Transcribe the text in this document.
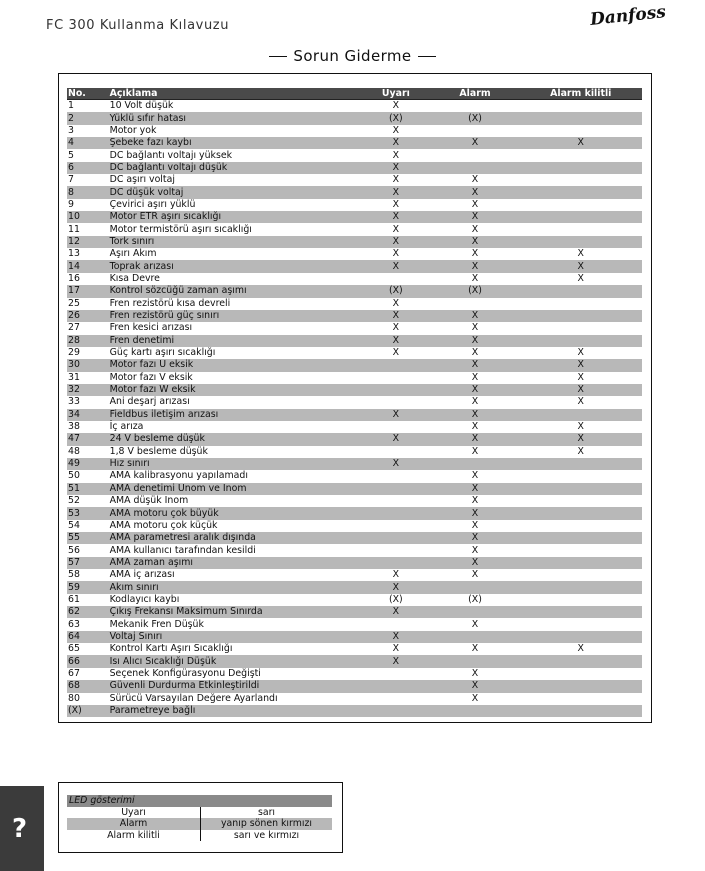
FC 300 Kullanma Kılavuzu	Danfoss
Sorun Giderme
No.	Açıklama	Uyarı	Alarm	Alarm kilitli
1	10 Volt düşük	X		
2	Yüklü sıfır hatası	(X)	(X)	
3	Motor yok	X		
4	Şebeke fazı kaybı	X	X	X
5	DC bağlantı voltajı yüksek	X		
6	DC bağlantı voltajı düşük	X		
7	DC aşırı voltaj	X	X	
8	DC düşük voltaj	X	X	
9	Çevirici aşırı yüklü	X	X	
10	Motor ETR aşırı sıcaklığı	X	X	
11	Motor termistörü aşırı sıcaklığı	X	X	
12	Tork sınırı	X	X	
13	Aşırı Akım	X	X	X
14	Toprak arızası	X	X	X
16	Kısa Devre		X	X
17	Kontrol sözcüğü zaman aşımı	(X)	(X)	
25	Fren rezistörü kısa devreli	X		
26	Fren rezistörü güç sınırı	X	X	
27	Fren kesici arızası	X	X	
28	Fren denetimi	X	X	
29	Güç kartı aşırı sıcaklığı	X	X	X
30	Motor fazı U eksik		X	X
31	Motor fazı V eksik		X	X
32	Motor fazı W eksik		X	X
33	Ani deşarj arızası		X	X
34	Fieldbus iletişim arızası	X	X	
38	İç arıza		X	X
47	24 V besleme düşük	X	X	X
48	1,8 V besleme düşük		X	X
49	Hız sınırı	X		
50	AMA kalibrasyonu yapılamadı		X	
51	AMA denetimi Unom ve Inom		X	
52	AMA düşük Inom		X	
53	AMA motoru çok büyük		X	
54	AMA motoru çok küçük		X	
55	AMA parametresi aralık dışında		X	
56	AMA kullanıcı tarafından kesildi		X	
57	AMA zaman aşımı		X	
58	AMA iç arızası	X	X	
59	Akım sınırı	X		
61	Kodlayıcı kaybı	(X)	(X)	
62	Çıkış Frekansı Maksimum Sınırda	X		
63	Mekanik Fren Düşük		X	
64	Voltaj Sınırı	X		
65	Kontrol Kartı Aşırı Sıcaklığı	X	X	X
66	Isı Alıcı Sıcaklığı Düşük	X		
67	Seçenek Konfigürasyonu Değişti		X	
68	Güvenli Durdurma Etkinleştirildi		X	
80	Sürücü Varsayılan Değere Ayarlandı		X	
(X)	Parametreye bağlı			
LED gösterimi	
Uyarı	sarı
Alarm	yanıp sönen kırmızı
Alarm kilitli	sarı ve kırmızı
?
